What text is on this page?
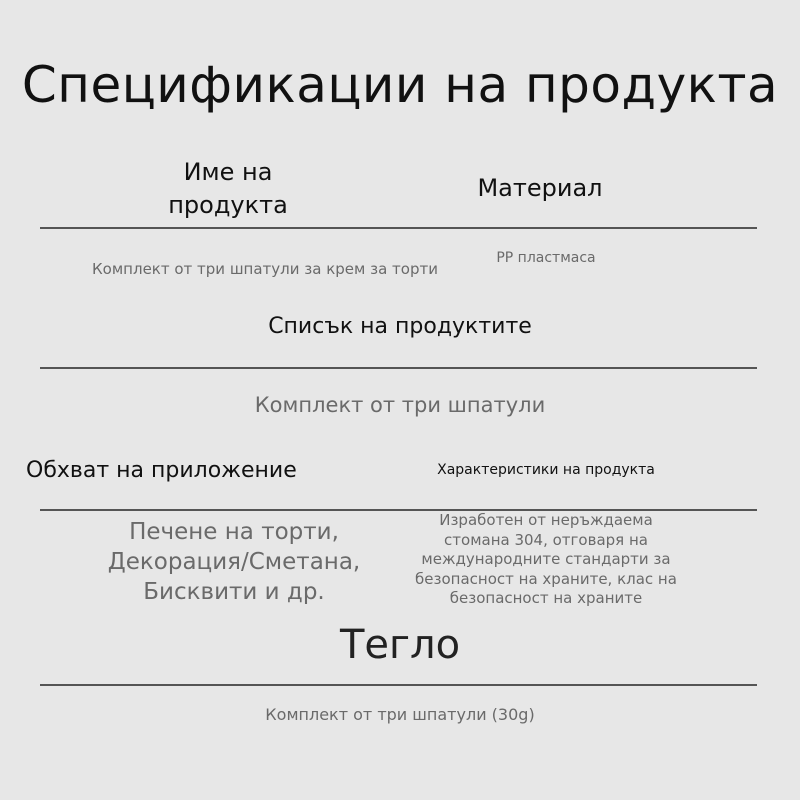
Спецификации на продукта
Име на продукта
Материал
Комплект от три шпатули за крем за торти
PP пластмаса
Списък на продуктите
Комплект от три шпатули
Обхват на приложение	Характеристики на продукта
Печене на торти, Декорация/Сметана, Бисквити и др.
Изработен от неръждаема стомана 304, отговаря на международните стандарти за безопасност на храните, клас на безопасност на храните
Тегло
Комплект от три шпатули (30g)
